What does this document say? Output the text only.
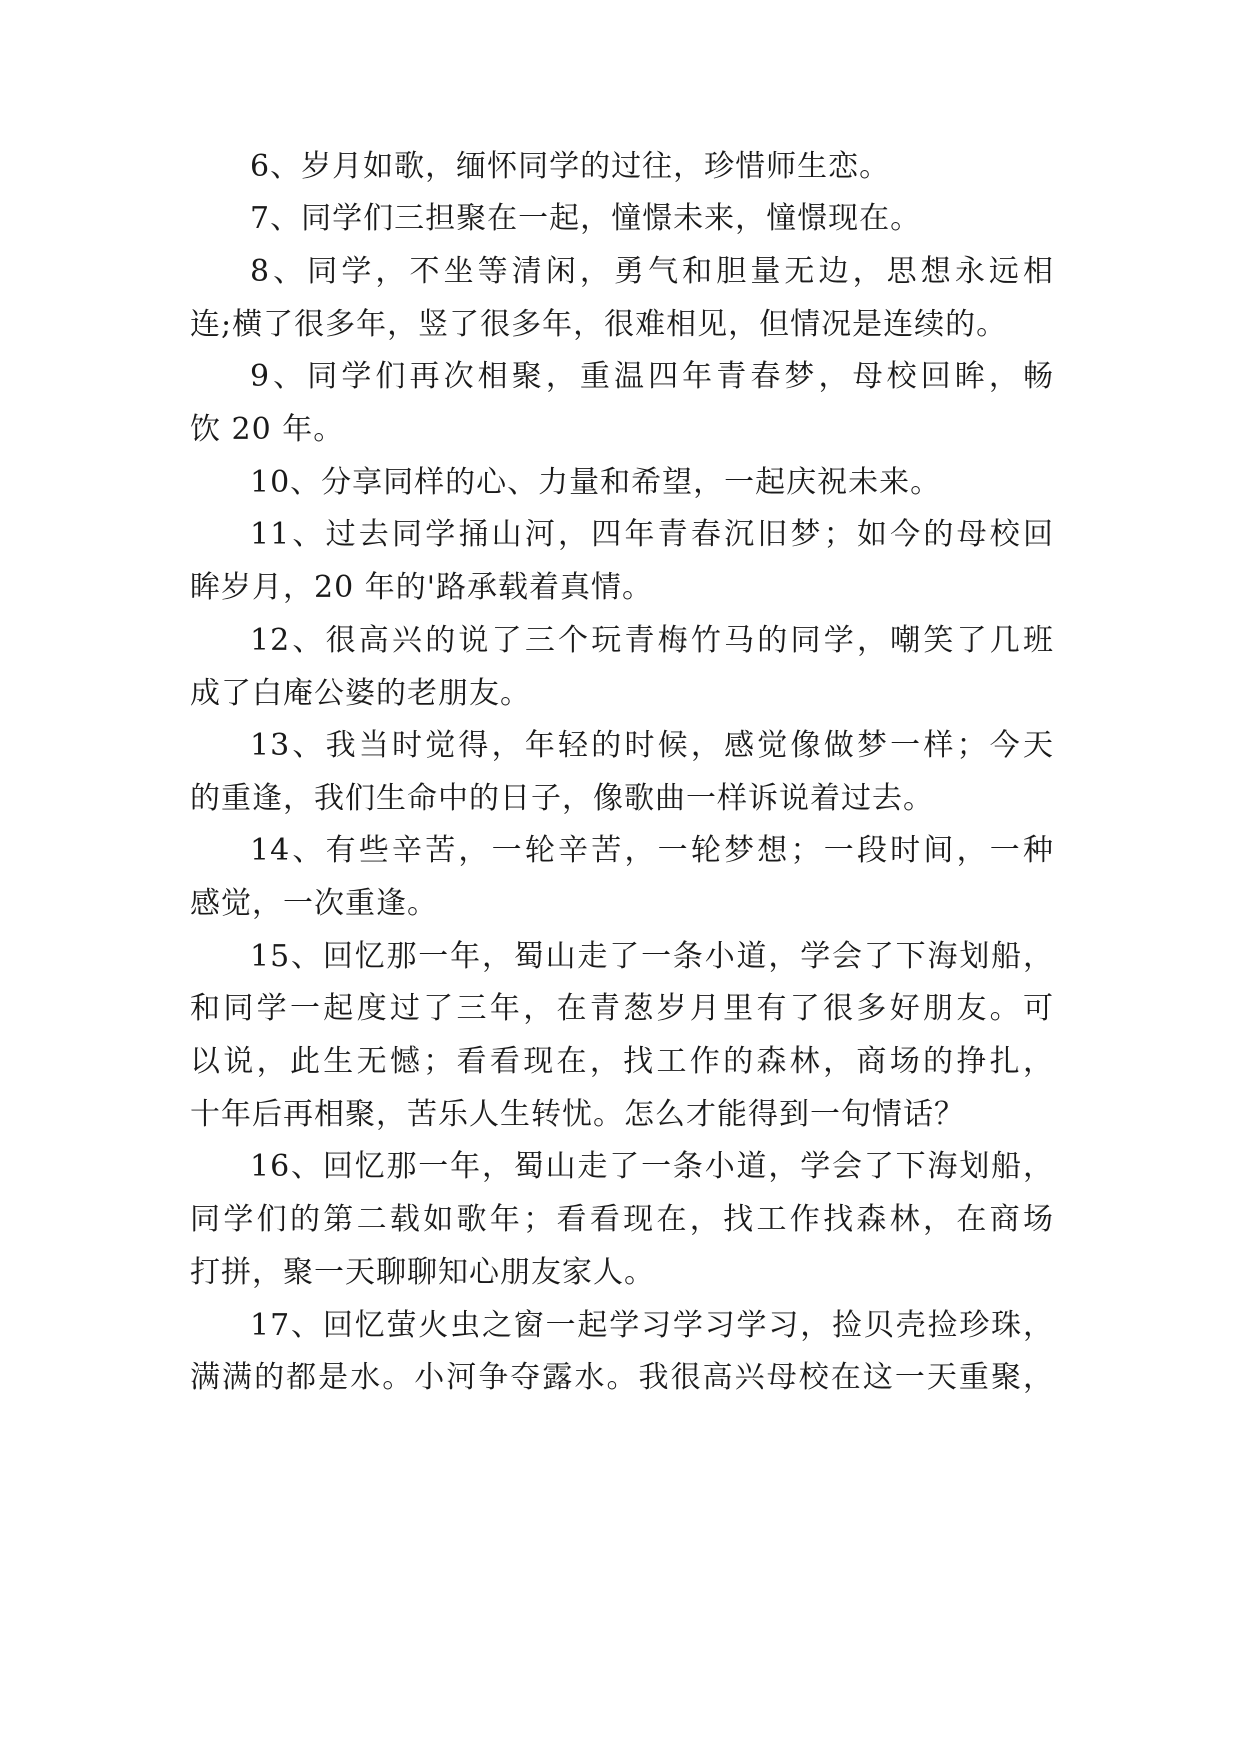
6、岁月如歌，缅怀同学的过往，珍惜师生恋。
7、同学们三担聚在一起，憧憬未来，憧憬现在。
8、同学，不坐等清闲，勇气和胆量无边，思想永远相
连;横了很多年，竖了很多年，很难相见，但情况是连续的。
9、同学们再次相聚，重温四年青春梦，母校回眸，畅
饮 20 年。
10、分享同样的心、力量和希望，一起庆祝未来。
11、过去同学捅山河，四年青春沉旧梦；如今的母校回
眸岁月，20 年的'路承载着真情。
12、很高兴的说了三个玩青梅竹马的同学，嘲笑了几班
成了白庵公婆的老朋友。
13、我当时觉得，年轻的时候，感觉像做梦一样；今天
的重逢，我们生命中的日子，像歌曲一样诉说着过去。
14、有些辛苦，一轮辛苦，一轮梦想；一段时间，一种
感觉，一次重逢。
15、回忆那一年，蜀山走了一条小道，学会了下海划船，
和同学一起度过了三年，在青葱岁月里有了很多好朋友。可
以说，此生无憾；看看现在，找工作的森林，商场的挣扎，
十年后再相聚，苦乐人生转忧。怎么才能得到一句情话？
16、回忆那一年，蜀山走了一条小道，学会了下海划船，
同学们的第二载如歌年；看看现在，找工作找森林，在商场
打拼，聚一天聊聊知心朋友家人。
17、回忆萤火虫之窗一起学习学习学习，捡贝壳捡珍珠，
满满的都是水。小河争夺露水。我很高兴母校在这一天重聚，
